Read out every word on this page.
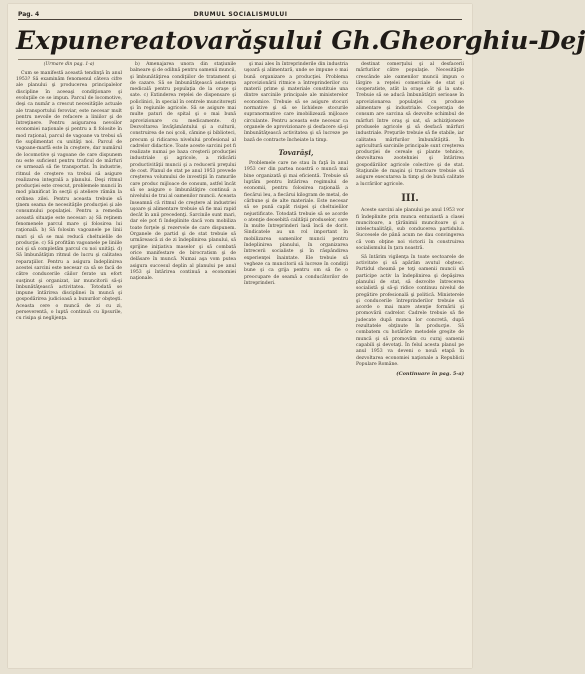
Pag. 4	DRUMUL SOCIALISMULUI
Expunerea tovarăşului Gh. Gheorghiu-Dej

(Urmare din pag. 1-a)

Cum se manifestă această tendinţă în anul 1953? Să examinăm fenomenul câteva cifre ale planului şi producerea principalelor discipline în aceeaşi condiţionare şi evoluţiile ce se impun. Parcul de locomotive, deşi ca număr a crescut necesităţile actuale ale transportului feroviar, este necesar mult pentru nevoile de refacere a liniilor şi de întreţinere. Pentru asigurarea nevoilor economiei naţionale şi pentru a fi folosite în mod raţional, parcul de vagoane va trebui să fie suplimentat cu unităţi noi. Parcul de vagoane-marfă este în creştere, dar numărul de locomotive şi vagoane de care dispunem nu este suficient pentru traficul de mărfuri ce urmează să fie transportat. În industrie, ritmul de creştere va trebui să asigure realizarea integrală a planului. Deşi ritmul producţiei este crescut, problemele muncii în mod planificat în secţii şi ateliere rămân la ordinea zilei. Pentru aceasta trebuie să ţinem seama de necesităţile producţiei şi ale consumului populaţiei. Pentru a remedia această situaţie este necesar: a) Să reţinem fenomenele parcul mare şi folosirea lui raţională. b) Să folosim vagoanele pe linii mari şi să se mai reducă cheltuielile de producţie. c) Să profităm vagoanele pe liniile noi şi să completăm parcul cu noi unităţi. d) Să îmbunătăţim ritmul de lucru şi calitatea reparaţiilor. Pentru a asigura îndeplinirea acestei sarcini este necesar ca să se facă de către conducerile căilor ferate un efort susţinut şi organizat, iar muncitorii să-şi îmbunătăţească activitatea. Totodată se impune întărirea disciplinei în muncă şi gospodărirea judicioasă a bunurilor obşteşti. Aceasta cere o muncă de zi cu zi, perseverentă, o luptă continuă cu lipsurile, cu risipa şi neglijenţa.

b) Amenajarea unora din staţiunile balneare şi de odihnă pentru oamenii muncii, şi îmbunătăţirea condiţiilor de tratament şi de cazare. Să se îmbunătăţească asistenţa medicală pentru populaţia de la oraşe şi sate. c) Extinderea reţelei de dispensare şi policlinici, în special în centrele muncitoreşti şi în regiunile agricole. Să se asigure mai multe paturi de spital şi o mai bună aprovizionare cu medicamente. d) Dezvoltarea învăţământului şi a culturii, construirea de noi şcoli, cămine şi biblioteci, precum şi ridicarea nivelului profesional al cadrelor didactice. Toate aceste sarcini pot fi realizate numai pe baza creşterii producţiei industriale şi agricole, a ridicării productivităţii muncii şi a reducerii preţului de cost. Planul de stat pe anul 1953 prevede creşterea volumului de investiţii în ramurile care produc mijloace de consum, astfel încât să se asigure o îmbunătăţire continuă a nivelului de trai al oamenilor muncii. Aceasta înseamnă că ritmul de creştere al industriei uşoare şi alimentare trebuie să fie mai rapid decât în anii precedenţi. Sarcinile sunt mari, dar ele pot fi îndeplinite dacă vom mobiliza toate forţele şi rezervele de care dispunem. Organele de partid şi de stat trebuie să urmărească zi de zi îndeplinirea planului, să sprijine iniţiativa maselor şi să combată orice manifestare de birocratism şi de delăsare în muncă. Numai aşa vom putea asigura succesul deplin al planului pe anul 1953 şi întărirea continuă a economiei naţionale.

şi mai ales în întreprinderile din industria uşoară şi alimentară, unde se impune o mai bună organizare a producţiei. Problema aprovizionării ritmice a întreprinderilor cu materii prime şi materiale constituie una dintre sarcinile principale ale ministerelor economice. Trebuie să se asigure stocuri normative şi să se lichideze stocurile supranormative care imobilizează mijloace circulante. Pentru aceasta este necesar ca organele de aprovizionare şi desfacere să-şi îmbunătăţească activitatea şi să lucreze pe bază de contracte încheiate la timp.

Tovarăşi,

Problemele care ne stau în faţă în anul 1953 cer din partea noastră o muncă mai bine organizată şi mai eficientă. Trebuie să luptăm pentru întărirea regimului de economii, pentru folosirea raţională a fiecărui leu, a fiecărui kilogram de metal, de cărbune şi de alte materiale. Este necesar să se pună capăt risipei şi cheltuielilor nejustificate. Totodată trebuie să se acorde o atenţie deosebită calităţii produselor, care în multe întreprinderi lasă încă de dorit. Sindicatele au un rol important în mobilizarea oamenilor muncii pentru îndeplinirea planului, în organizarea întrecerii socialiste şi în răspândirea experienţei înaintate. Ele trebuie să vegheze ca muncitorii să lucreze în condiţii bune şi ca grija pentru om să fie o preocupare de seamă a conducătorilor de întreprinderi.

destinat comerţului şi al desfacerii mărfurilor către populaţie. Necesităţile crescânde ale oamenilor muncii impun o lărgire a reţelei comerciale de stat şi cooperatiste, atât la oraşe cât şi la sate. Trebuie să se aducă îmbunătăţiri serioase în aprovizionarea populaţiei cu produse alimentare şi industriale. Cooperaţia de consum are sarcina să dezvolte schimbul de mărfuri între oraş şi sat, să achiziţioneze produsele agricole şi să desfacă mărfuri industriale. Preţurile trebuie să fie stabile, iar calitatea mărfurilor îmbunătăţită. În agricultură sarcinile principale sunt creşterea producţiei de cereale şi plante tehnice, dezvoltarea zootehniei şi întărirea gospodăriilor agricole colective şi de stat. Staţiunile de maşini şi tractoare trebuie să asigure executarea la timp şi de bună calitate a lucrărilor agricole.

III.

Aceste sarcini ale planului pe anul 1953 vor fi îndeplinite prin munca entuziastă a clasei muncitoare, a ţărănimii muncitoare şi a intelectualităţii, sub conducerea partidului. Succesele de până acum ne dau convingerea că vom obţine noi victorii în construirea socialismului în ţara noastră.

Să întărim vigilenţa în toate sectoarele de activitate şi să apărăm avutul obştesc. Partidul cheamă pe toţi oamenii muncii să participe activ la îndeplinirea şi depăşirea planului de stat, să dezvolte întrecerea socialistă şi să-şi ridice continuu nivelul de pregătire profesională şi politică. Ministerele şi conducerile întreprinderilor trebuie să acorde o mai mare atenţie formării şi promovării cadrelor. Cadrele trebuie să fie judecate după munca lor concretă, după rezultatele obţinute în producţie. Să combatem cu hotărâre metodele greşite de muncă şi să promovăm cu curaj oamenii capabili şi devotaţi. În felul acesta planul pe anul 1953 va deveni o nouă etapă în dezvoltarea economiei naţionale a Republicii Populare Române.

(Continuare în pag. 5-a)
